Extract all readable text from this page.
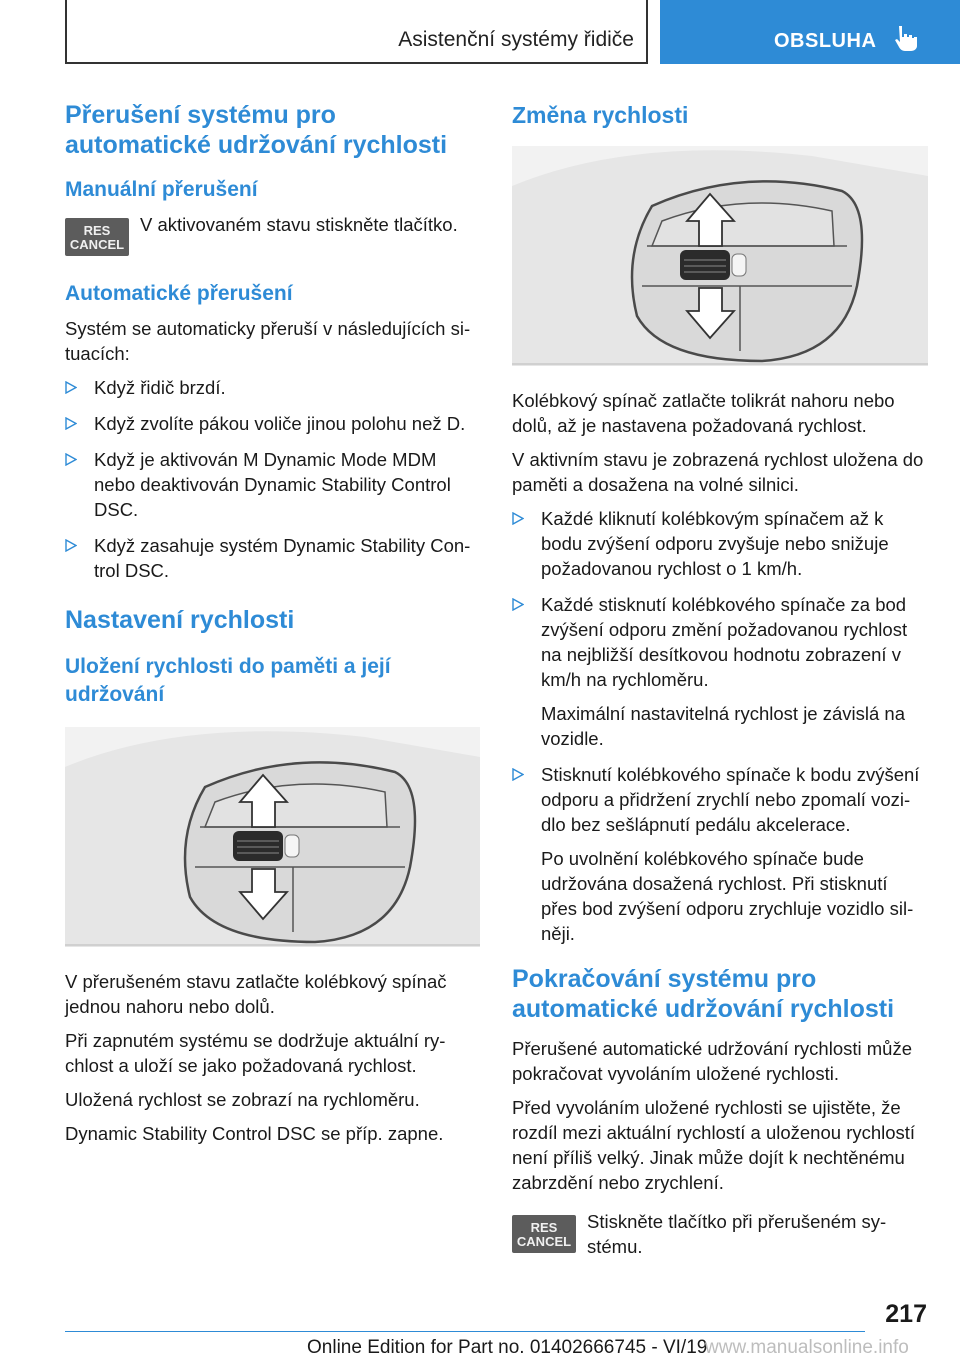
Asistenční systémy řidiče	OBSLUHA
Přerušení systému pro automatické udržování rychlosti
Manuální přerušení
RES
CANCEL
V aktivovaném stavu stiskněte tlačítko.
Automatické přerušení
Systém se automaticky přeruší v následujících situacích:
Když řidič brzdí.
Když zvolíte pákou voliče jinou polohu než D.
Když je aktivován M Dynamic Mode MDM nebo deaktivován Dynamic Stability Control DSC.
Když zasahuje systém Dynamic Stability Control DSC.
Nastavení rychlosti
Uložení rychlosti do paměti a její udržování
V přerušeném stavu zatlačte kolébkový spínač jednou nahoru nebo dolů.
Při zapnutém systému se dodržuje aktuální rychlost a uloží se jako požadovaná rychlost.
Uložená rychlost se zobrazí na rychloměru.
Dynamic Stability Control DSC se příp. zapne.
Změna rychlosti
Kolébkový spínač zatlačte tolikrát nahoru nebo dolů, až je nastavena požadovaná rychlost.
V aktivním stavu je zobrazená rychlost uložena do paměti a dosažena na volné silnici.
Každé kliknutí kolébkovým spínačem až k bodu zvýšení odporu zvyšuje nebo snižuje požadovanou rychlost o 1 km/h.
Každé stisknutí kolébkového spínače za bod zvýšení odporu změní požadovanou rychlost na nejbližší desítkovou hodnotu zobrazení v km/h na rychloměru.
Maximální nastavitelná rychlost je závislá na vozidle.
Stisknutí kolébkového spínače k bodu zvýšení odporu a přidržení zrychlí nebo zpomalí vozidlo bez sešlápnutí pedálu akcelerace.
Po uvolnění kolébkového spínače bude udržována dosažená rychlost. Při stisknutí přes bod zvýšení odporu zrychluje vozidlo silněji.
Pokračování systému pro automatické udržování rychlosti
Přerušené automatické udržování rychlosti může pokračovat vyvoláním uložené rychlosti.
Před vyvoláním uložené rychlosti se ujistěte, že rozdíl mezi aktuální rychlostí a uloženou rychlostí není příliš velký. Jinak může dojít k nechtěnému zabrzdění nebo zrychlení.
RES
CANCEL
Stiskněte tlačítko při přerušeném systému.
217
Online Edition for Part no. 01402666745 - VI/19
www.manualsonline.info
